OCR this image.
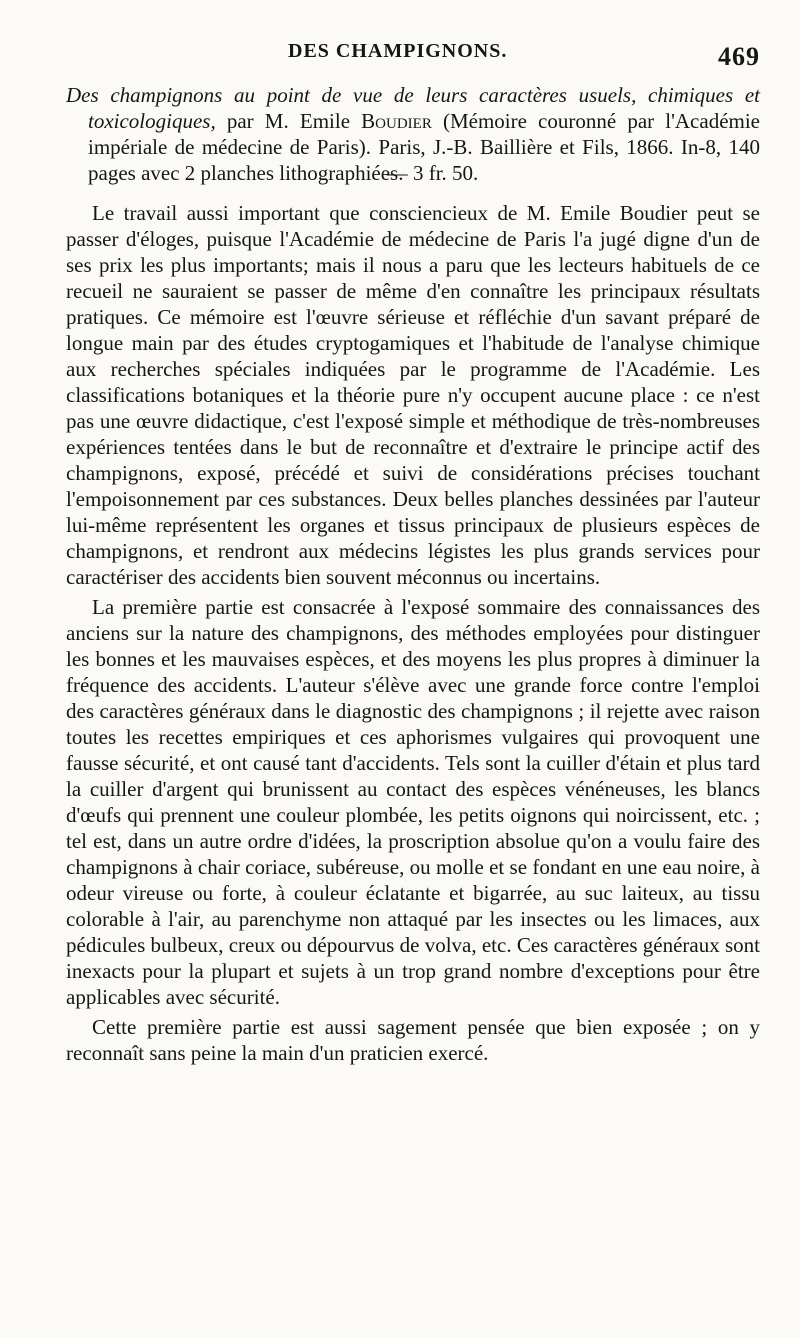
DES CHAMPIGNONS.	469
Des champignons au point de vue de leurs caractères usuels, chimiques et toxicologiques, par M. Emile Boudier (Mémoire couronné par l'Académie impériale de médecine de Paris). Paris, J.-B. Baillière et Fils, 1866. In-8, 140 pages avec 2 planches lithographiées. — 3 fr. 50.

Le travail aussi important que consciencieux de M. Emile Boudier peut se passer d'éloges, puisque l'Académie de médecine de Paris l'a jugé digne d'un de ses prix les plus importants; mais il nous a paru que les lecteurs habituels de ce recueil ne sauraient se passer de même d'en connaître les principaux résultats pratiques. Ce mémoire est l'œuvre sérieuse et réfléchie d'un savant préparé de longue main par des études cryptogamiques et l'habitude de l'analyse chimique aux recherches spéciales indiquées par le programme de l'Académie. Les classifications botaniques et la théorie pure n'y occupent aucune place : ce n'est pas une œuvre didactique, c'est l'exposé simple et méthodique de très-nombreuses expériences tentées dans le but de reconnaître et d'extraire le principe actif des champignons, exposé, précédé et suivi de considérations précises touchant l'empoisonnement par ces substances. Deux belles planches dessinées par l'auteur lui-même représentent les organes et tissus principaux de plusieurs espèces de champignons, et rendront aux médecins légistes les plus grands services pour caractériser des accidents bien souvent méconnus ou incertains.

La première partie est consacrée à l'exposé sommaire des connaissances des anciens sur la nature des champignons, des méthodes employées pour distinguer les bonnes et les mauvaises espèces, et des moyens les plus propres à diminuer la fréquence des accidents. L'auteur s'élève avec une grande force contre l'emploi des caractères généraux dans le diagnostic des champignons ; il rejette avec raison toutes les recettes empiriques et ces aphorismes vulgaires qui provoquent une fausse sécurité, et ont causé tant d'accidents. Tels sont la cuiller d'étain et plus tard la cuiller d'argent qui brunissent au contact des espèces vénéneuses, les blancs d'œufs qui prennent une couleur plombée, les petits oignons qui noircissent, etc. ; tel est, dans un autre ordre d'idées, la proscription absolue qu'on a voulu faire des champignons à chair coriace, subéreuse, ou molle et se fondant en une eau noire, à odeur vireuse ou forte, à couleur éclatante et bigarrée, au suc laiteux, au tissu colorable à l'air, au parenchyme non attaqué par les insectes ou les limaces, aux pédicules bulbeux, creux ou dépourvus de volva, etc. Ces caractères généraux sont inexacts pour la plupart et sujets à un trop grand nombre d'exceptions pour être applicables avec sécurité.

Cette première partie est aussi sagement pensée que bien exposée ; on y reconnaît sans peine la main d'un praticien exercé.
